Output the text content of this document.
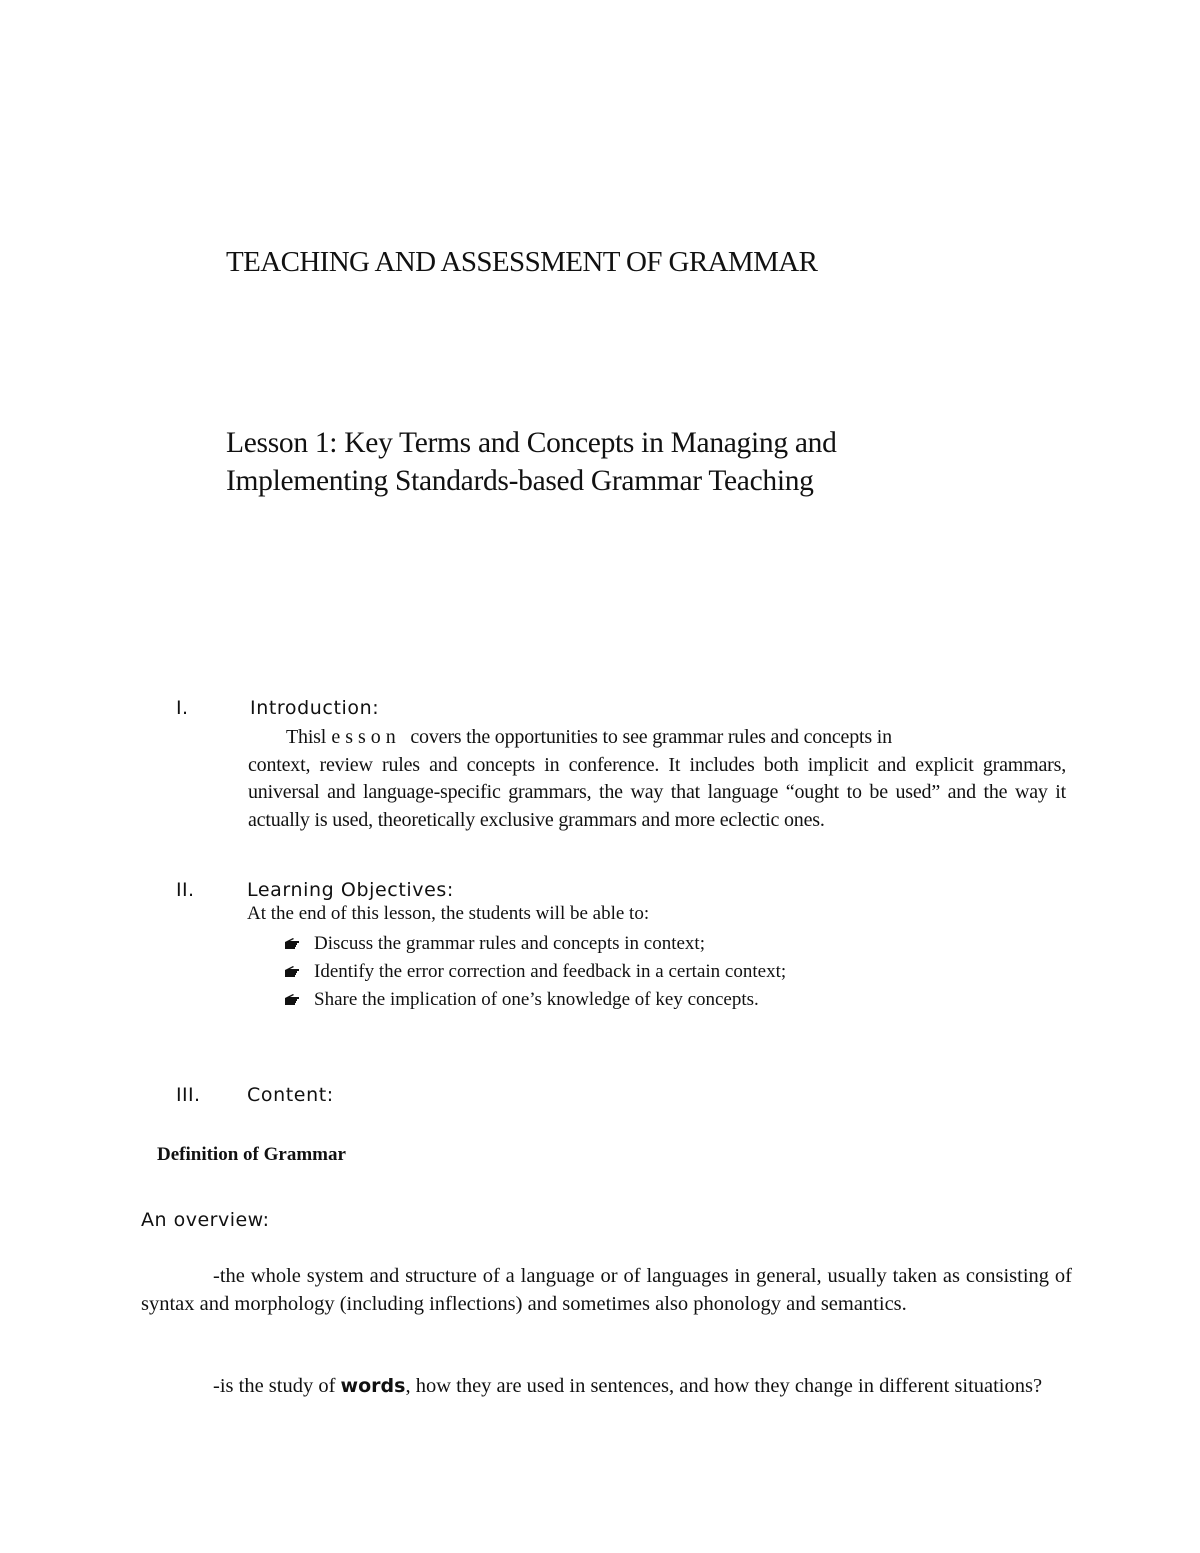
TEACHING AND ASSESSMENT OF GRAMMAR
Lesson 1: Key Terms and Concepts in Managing and Implementing Standards-based Grammar Teaching
I.	Introduction:
Thislesson covers the opportunities to see grammar rules and concepts in
context, review rules and concepts in conference. It includes both implicit and explicit grammars, universal and language-specific grammars, the way that language “ought to be used” and the way it actually is used, theoretically exclusive grammars and more eclectic ones.
II.	Learning Objectives:
At the end of this lesson, the students will be able to:
Discuss the grammar rules and concepts in context;
Identify the error correction and feedback in a certain context;
Share the implication of one’s knowledge of key concepts.
III. Content:
Definition of Grammar
An overview:
-the whole system and structure of a language or of languages in general, usually taken as consisting of syntax and morphology (including inflections) and sometimes also phonology and semantics.
-is the study of words, how they are used in sentences, and how they change in different situations?
